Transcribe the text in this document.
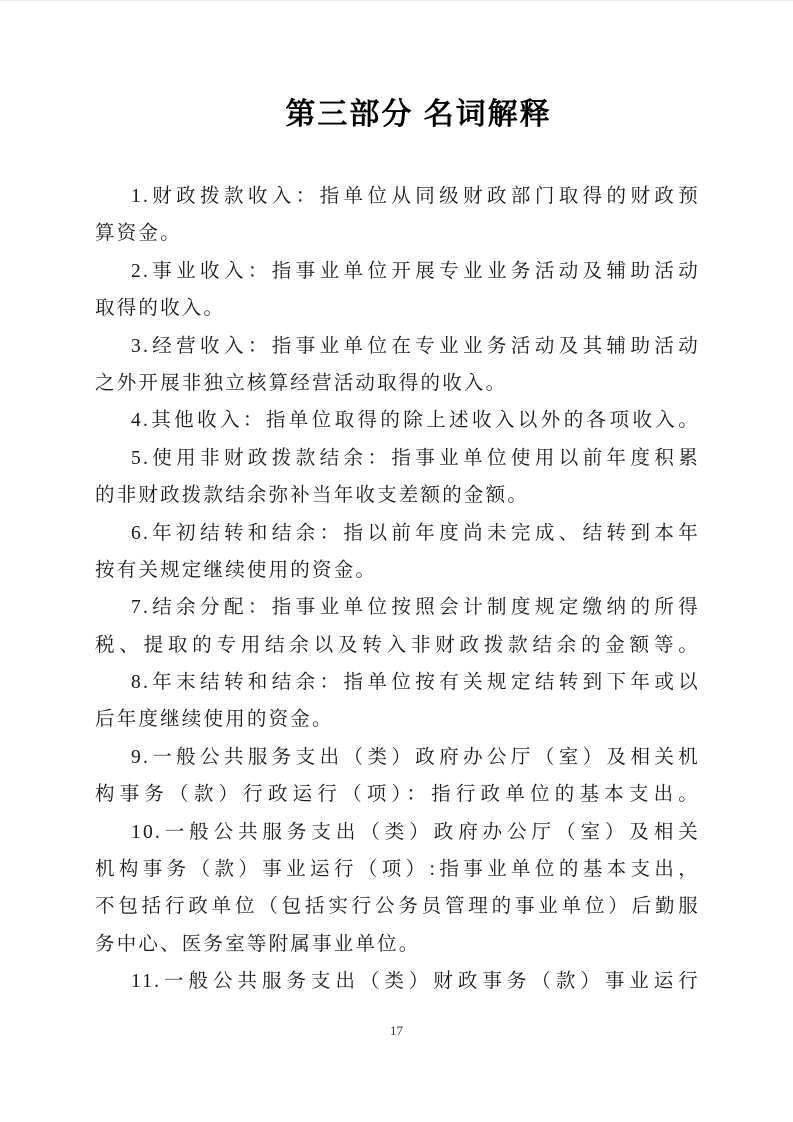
第三部分 名词解释

1.财政拨款收入：指单位从同级财政部门取得的财政预
算资金。

2.事业收入：指事业单位开展专业业务活动及辅助活动
取得的收入。

3.经营收入：指事业单位在专业业务活动及其辅助活动
之外开展非独立核算经营活动取得的收入。

4.其他收入：指单位取得的除上述收入以外的各项收入。

5.使用非财政拨款结余：指事业单位使用以前年度积累
的非财政拨款结余弥补当年收支差额的金额。

6.年初结转和结余：指以前年度尚未完成、结转到本年
按有关规定继续使用的资金。

7.结余分配：指事业单位按照会计制度规定缴纳的所得
税、提取的专用结余以及转入非财政拨款结余的金额等。

8.年末结转和结余：指单位按有关规定结转到下年或以
后年度继续使用的资金。

9.一般公共服务支出（类）政府办公厅（室）及相关机
构事务（款）行政运行（项）：指行政单位的基本支出。

10.一般公共服务支出（类）政府办公厅（室）及相关
机构事务（款）事业运行（项）:指事业单位的基本支出，
不包括行政单位（包括实行公务员管理的事业单位）后勤服
务中心、医务室等附属事业单位。

11.一般公共服务支出（类）财政事务（款）事业运行

17
